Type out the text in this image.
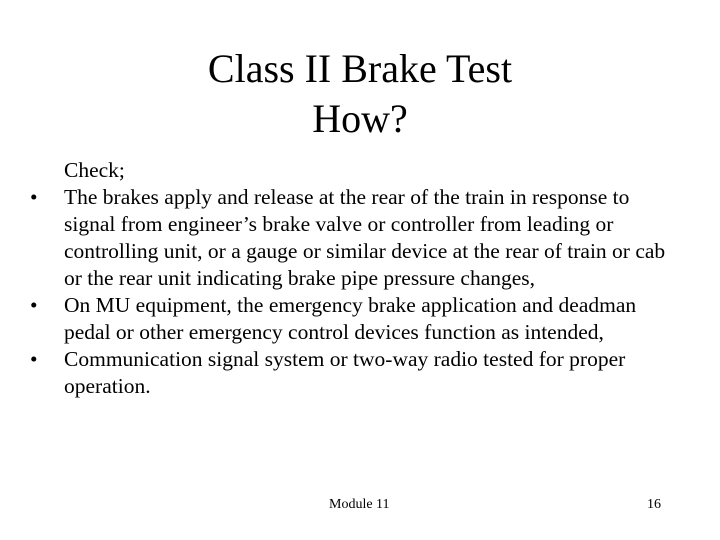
Class II Brake Test
How?

Check;

• The brakes apply and release at the rear of the train in response to signal from engineer’s brake valve or controller from leading or controlling unit, or a gauge or similar device at the rear of train or cab or the rear unit indicating brake pipe pressure changes,
• On MU equipment, the emergency brake application and deadman pedal or other emergency control devices function as intended,
• Communication signal system or two-way radio tested for proper operation.
Module 11	16
